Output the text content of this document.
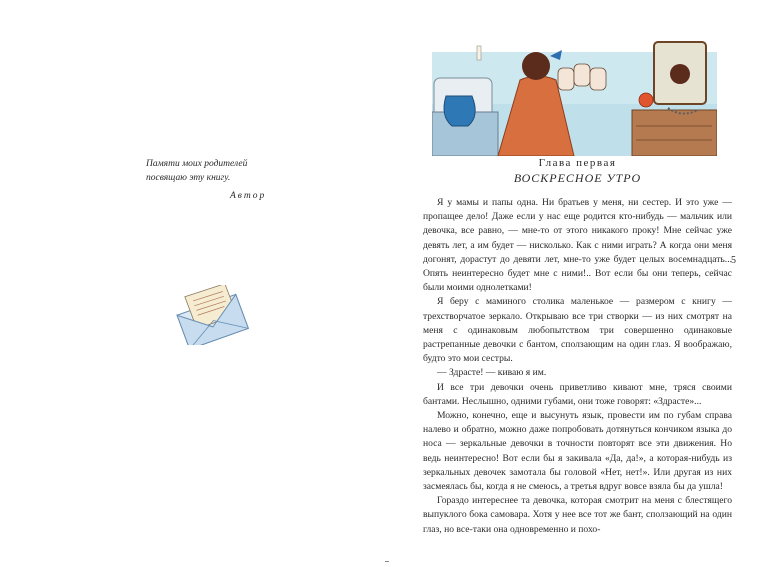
Памяти моих родителей

посвящаю эту книгу.

Автор

Глава первая
ВОСКРЕСНОЕ УТРО

Я у мамы и папы одна. Ни братьев у меня, ни сестер. И это уже — пропащее дело! Даже если у нас еще родится кто-нибудь — мальчик или девочка, все равно, — мне-то от этого никакого проку! Мне сейчас уже девять лет, а им будет — нисколько. Как с ними играть? А когда они меня догонят, дорастут до девяти лет, мне-то уже будет целых восемнадцать... Опять неинтересно будет мне с ними!.. Вот если бы они теперь, сейчас были моими однолетками!

Я беру с маминого столика маленькое — размером с книгу — трехстворчатое зеркало. Открываю все три створки — из них смотрят на меня с одинаковым любопытством три совершенно одинаковые растрепанные девочки с бантом, сползающим на один глаз. Я воображаю, будто это мои сестры.

— Здрасте! — киваю я им.

И все три девочки очень приветливо кивают мне, тряся своими бантами. Неслышно, одними губами, они тоже говорят: «Здрасте»...

Можно, конечно, еще и высунуть язык, провести им по губам справа налево и обратно, можно даже попробовать дотянуться кончиком языка до носа — зеркальные девочки в точности повторят все эти движения. Но ведь неинтересно! Вот если бы я закивала «Да, да!», а которая-нибудь из зеркальных девочек замотала бы головой «Нет, нет!». Или другая из них засмеялась бы, когда я не смеюсь, а третья вдруг вовсе взяла бы да ушла!

Гораздо интереснее та девочка, которая смотрит на меня с блестящего выпуклого бока самовара. Хотя у нее все тот же бант, сползающий на один глаз, но все-таки она одновременно и похо-

5
